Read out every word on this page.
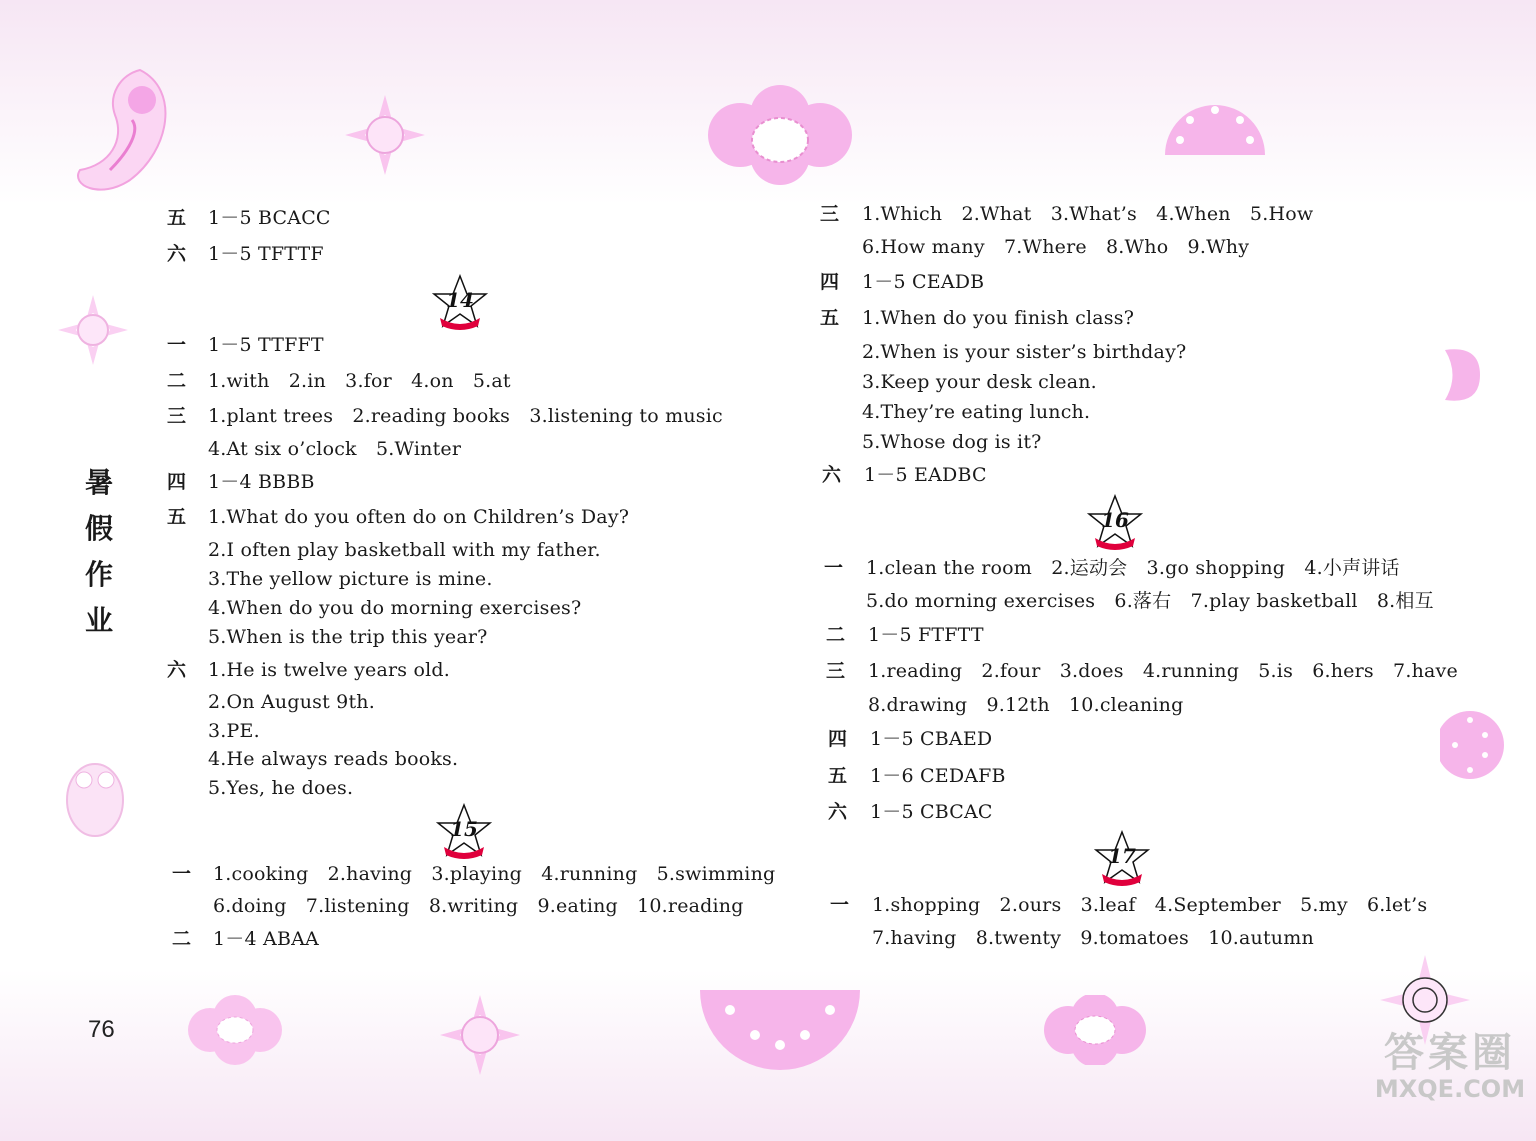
暑
假
作
业
五 1－5 BCACC
六 1－5 TFTTF
14
一 1－5 TTFFT
二 1.with　2.in　3.for　4.on　5.at
三 1.plant trees　2.reading books　3.listening to music
4.At six o’clock　5.Winter
四 1－4 BBBB
五 1.What do you often do on Children’s Day?
2.I often play basketball with my father.
3.The yellow picture is mine.
4.When do you do morning exercises?
5.When is the trip this year?
六 1.He is twelve years old.
2.On August 9th.
3.PE.
4.He always reads books.
5.Yes, he does.
15
一 1.cooking　2.having　3.playing　4.running　5.swimming
6.doing　7.listening　8.writing　9.eating　10.reading
二 1－4 ABAA
三 1.Which　2.What　3.What’s　4.When　5.How
6.How many　7.Where　8.Who　9.Why
四 1－5 CEADB
五 1.When do you finish class?
2.When is your sister’s birthday?
3.Keep your desk clean.
4.They’re eating lunch.
5.Whose dog is it?
六 1－5 EADBC
16
一 1.clean the room　2.运动会　3.go shopping　4.小声讲话
5.do morning exercises　6.落右　7.play basketball　8.相互
二 1－5 FTFTT
三 1.reading　2.four　3.does　4.running　5.is　6.hers　7.have
8.drawing　9.12th　10.cleaning
四 1－5 CBAED
五 1－6 CEDAFB
六 1－5 CBCAC
17
一 1.shopping　2.ours　3.leaf　4.September　5.my　6.let’s
7.having　8.twenty　9.tomatoes　10.autumn
76
答案圈
MXQE.COM
